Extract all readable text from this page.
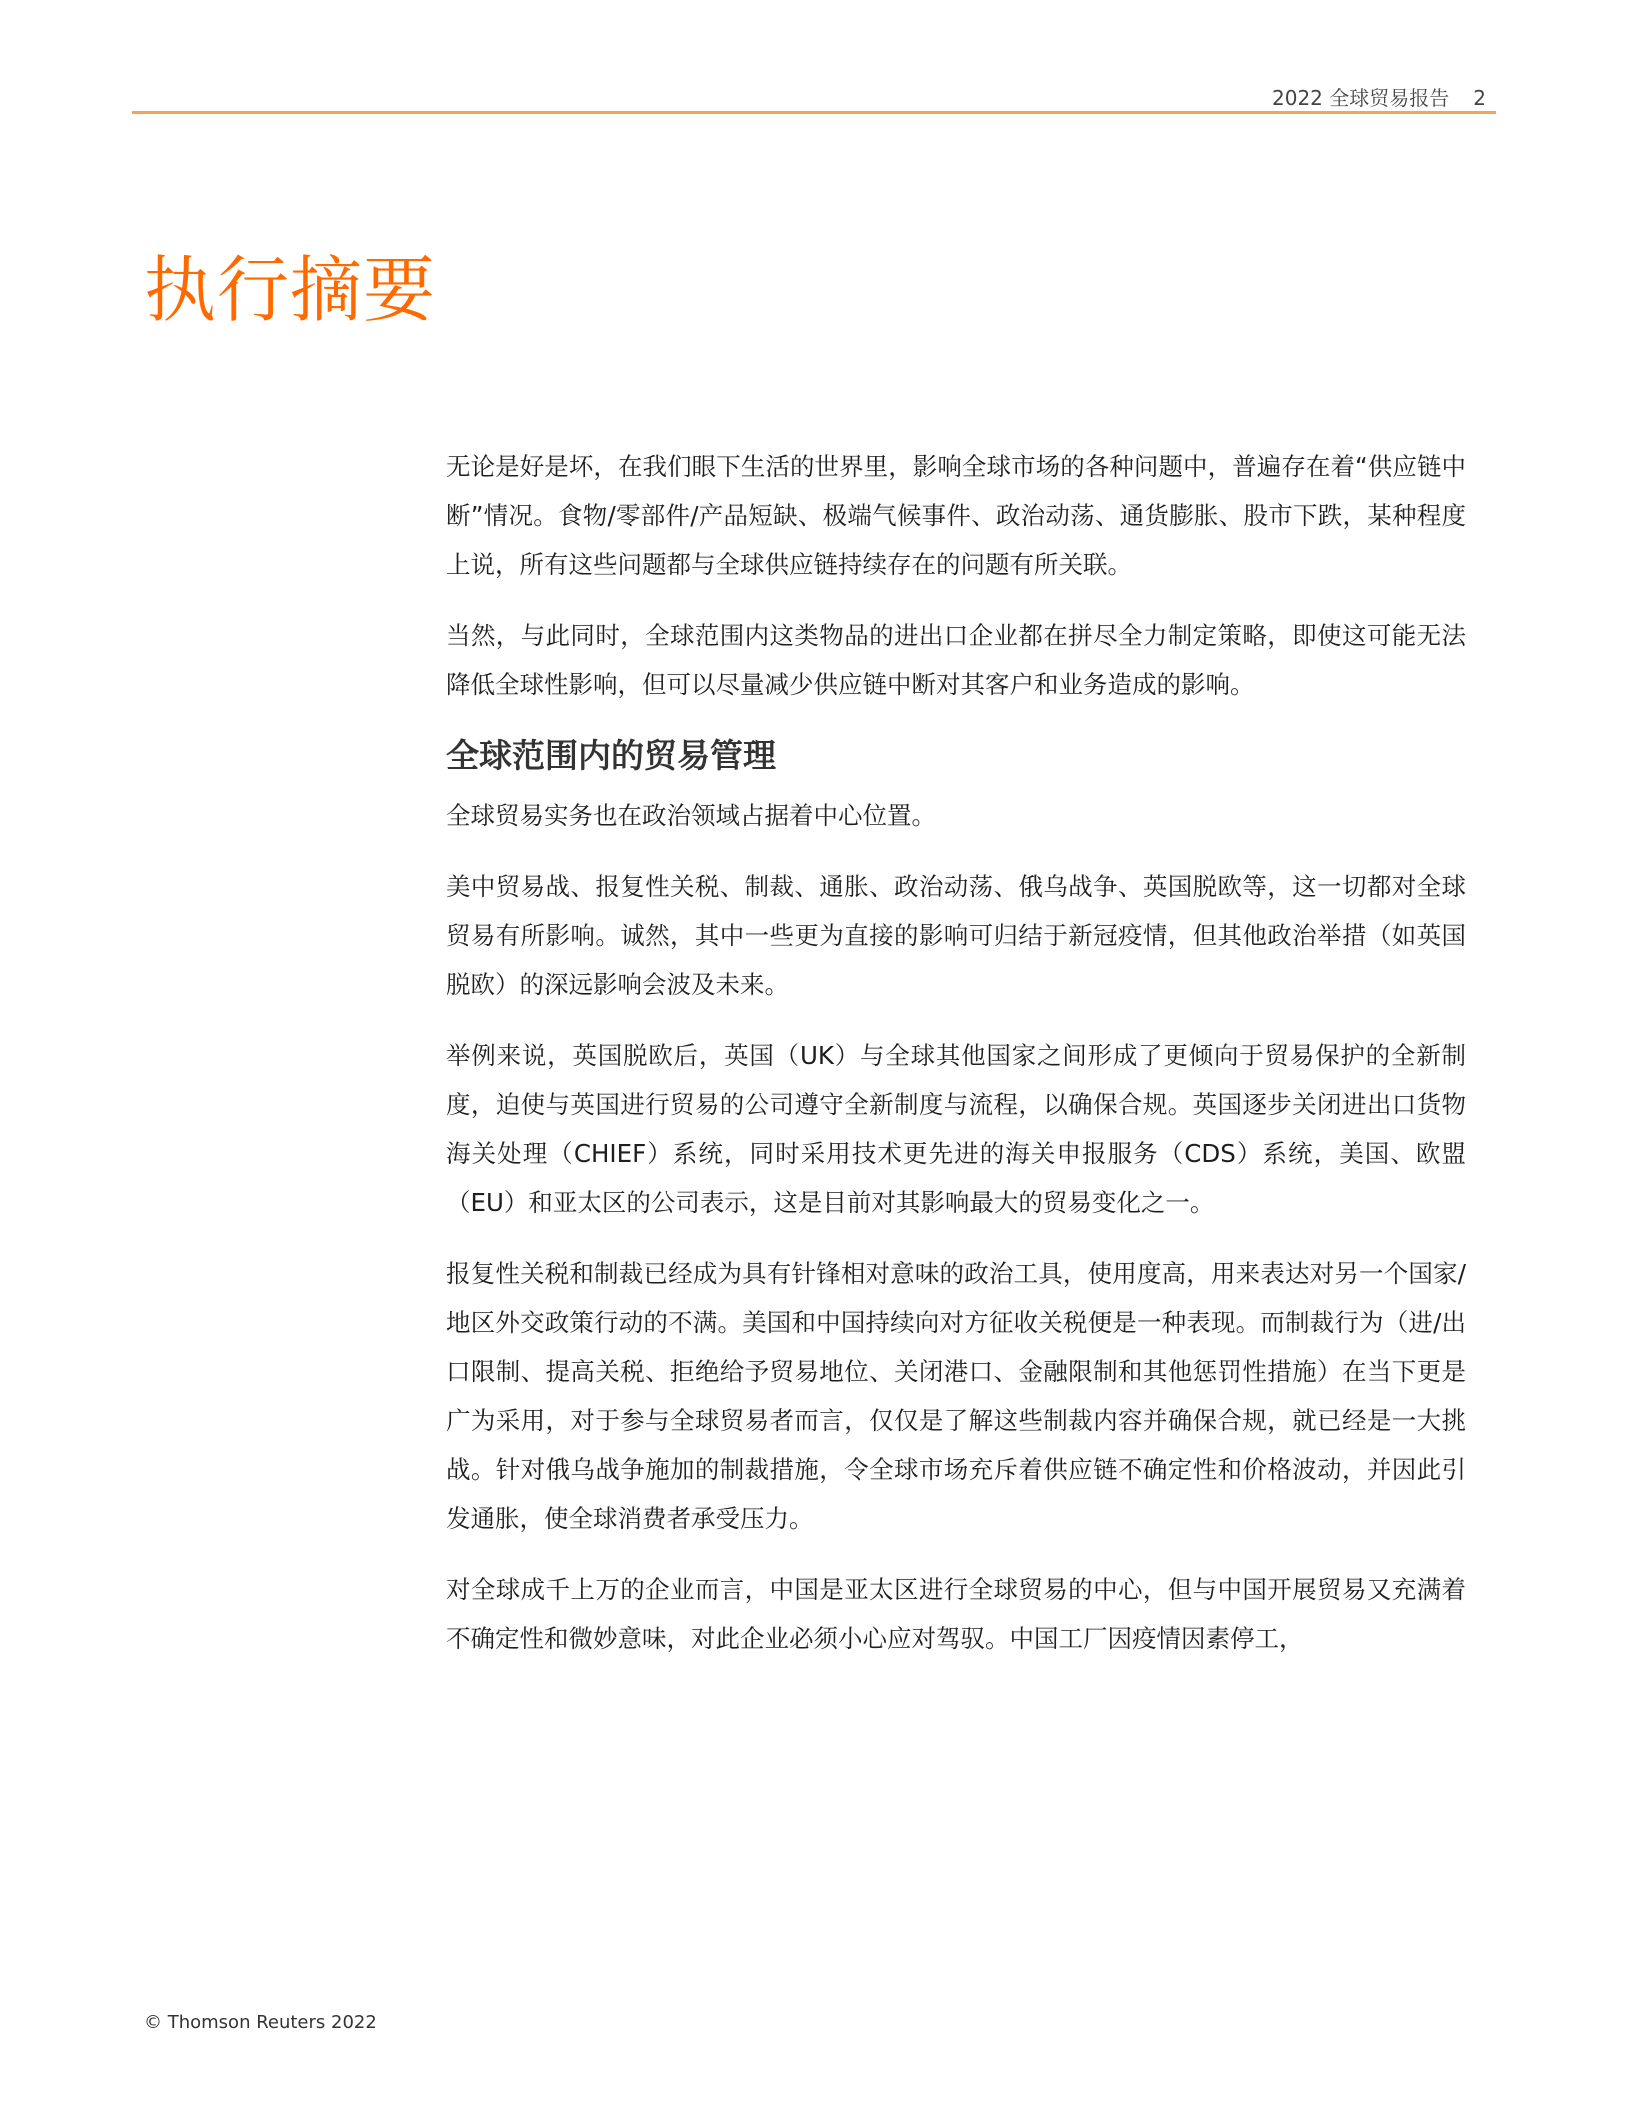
2022 全球贸易报告 2
执行摘要

无论是好是坏，在我们眼下生活的世界里，影响全球市场的各种问题中，普遍存在着“供应链中断”情况。食物/零部件/产品短缺、极端气候事件、政治动荡、通货膨胀、股市下跌，某种程度上说，所有这些问题都与全球供应链持续存在的问题有所关联。

当然，与此同时，全球范围内这类物品的进出口企业都在拼尽全力制定策略，即使这可能无法降低全球性影响，但可以尽量减少供应链中断对其客户和业务造成的影响。

全球范围内的贸易管理

全球贸易实务也在政治领域占据着中心位置。

美中贸易战、报复性关税、制裁、通胀、政治动荡、俄乌战争、英国脱欧等，这一切都对全球贸易有所影响。诚然，其中一些更为直接的影响可归结于新冠疫情，但其他政治举措（如英国脱欧）的深远影响会波及未来。

举例来说，英国脱欧后，英国（UK）与全球其他国家之间形成了更倾向于贸易保护的全新制度，迫使与英国进行贸易的公司遵守全新制度与流程，以确保合规。英国逐步关闭进出口货物海关处理（CHIEF）系统，同时采用技术更先进的海关申报服务（CDS）系统，美国、欧盟（EU）和亚太区的公司表示，这是目前对其影响最大的贸易变化之一。

报复性关税和制裁已经成为具有针锋相对意味的政治工具，使用度高，用来表达对另一个国家/地区外交政策行动的不满。美国和中国持续向对方征收关税便是一种表现。而制裁行为（进/出口限制、提高关税、拒绝给予贸易地位、关闭港口、金融限制和其他惩罚性措施）在当下更是广为采用，对于参与全球贸易者而言，仅仅是了解这些制裁内容并确保合规，就已经是一大挑战。针对俄乌战争施加的制裁措施，令全球市场充斥着供应链不确定性和价格波动，并因此引发通胀，使全球消费者承受压力。

对全球成千上万的企业而言，中国是亚太区进行全球贸易的中心，但与中国开展贸易又充满着不确定性和微妙意味，对此企业必须小心应对驾驭。中国工厂因疫情因素停工，

© Thomson Reuters 2022
